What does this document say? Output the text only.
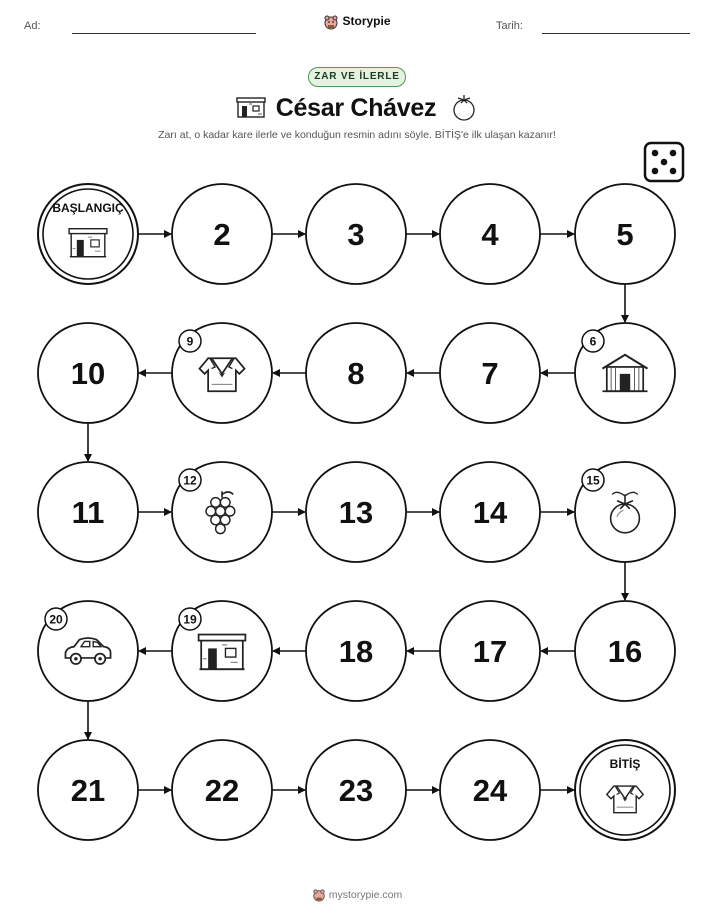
Ad:	Storypie	Tarih:
ZAR VE İLERLE
César Chávez
Zarı at, o kadar kare ilerle ve konduğun resmin adını söyle. BİTİŞ'e ilk ulaşan kazanır!
BAŞLANGIÇ
2	3	4	5
6
7
8
9
10
11
12
13	14
15
16
17
18
19
20
21	22	23	24
BİTİŞ
mystorypie.com
